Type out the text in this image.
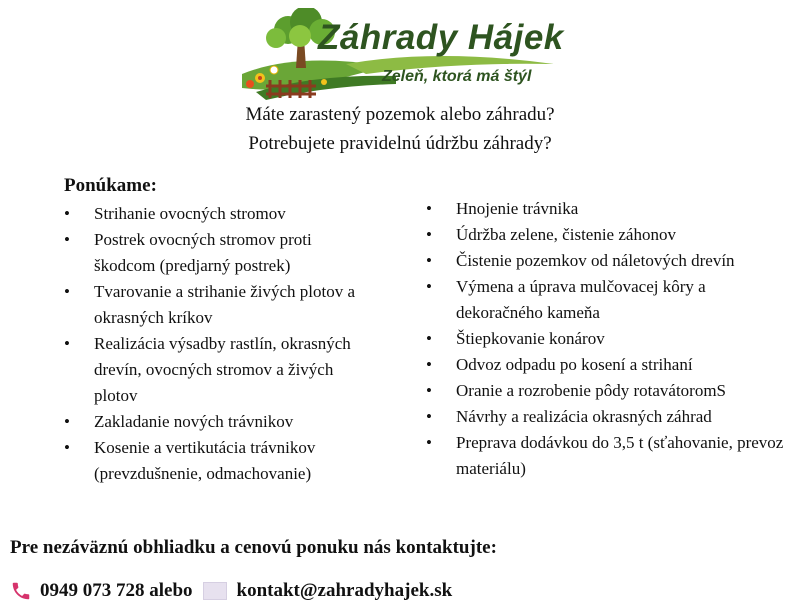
Záhrady Hájek
Zeleň, ktorá má štýl
Máte zarastený pozemok alebo záhradu?
Potrebujete pravidelnú údržbu záhrady?
Ponúkame:
• Strihanie ovocných stromov
• Postrek ovocných stromov proti škodcom (predjarný postrek)
• Tvarovanie a strihanie živých plotov a okrasných kríkov
• Realizácia výsadby rastlín, okrasných drevín, ovocných stromov a živých plotov
• Zakladanie nových trávnikov
• Kosenie a vertikutácia trávnikov (prevzdušnenie, odmachovanie)
• Hnojenie trávnika
• Údržba zelene, čistenie záhonov
• Čistenie pozemkov od náletových drevín
• Výmena a úprava mulčovacej kôry a dekoračného kameňa
• Štiepkovanie konárov
• Odvoz odpadu po kosení a strihaní
• Oranie a rozrobenie pôdy rotavátoromS
• Návrhy a realizácia okrasných záhrad
• Preprava dodávkou do 3,5 t (sťahovanie, prevoz materiálu)
Pre nezáväznú obhliadku a cenovú ponuku nás kontaktujte:
0949 073 728 alebo kontakt@zahradyhajek.sk
